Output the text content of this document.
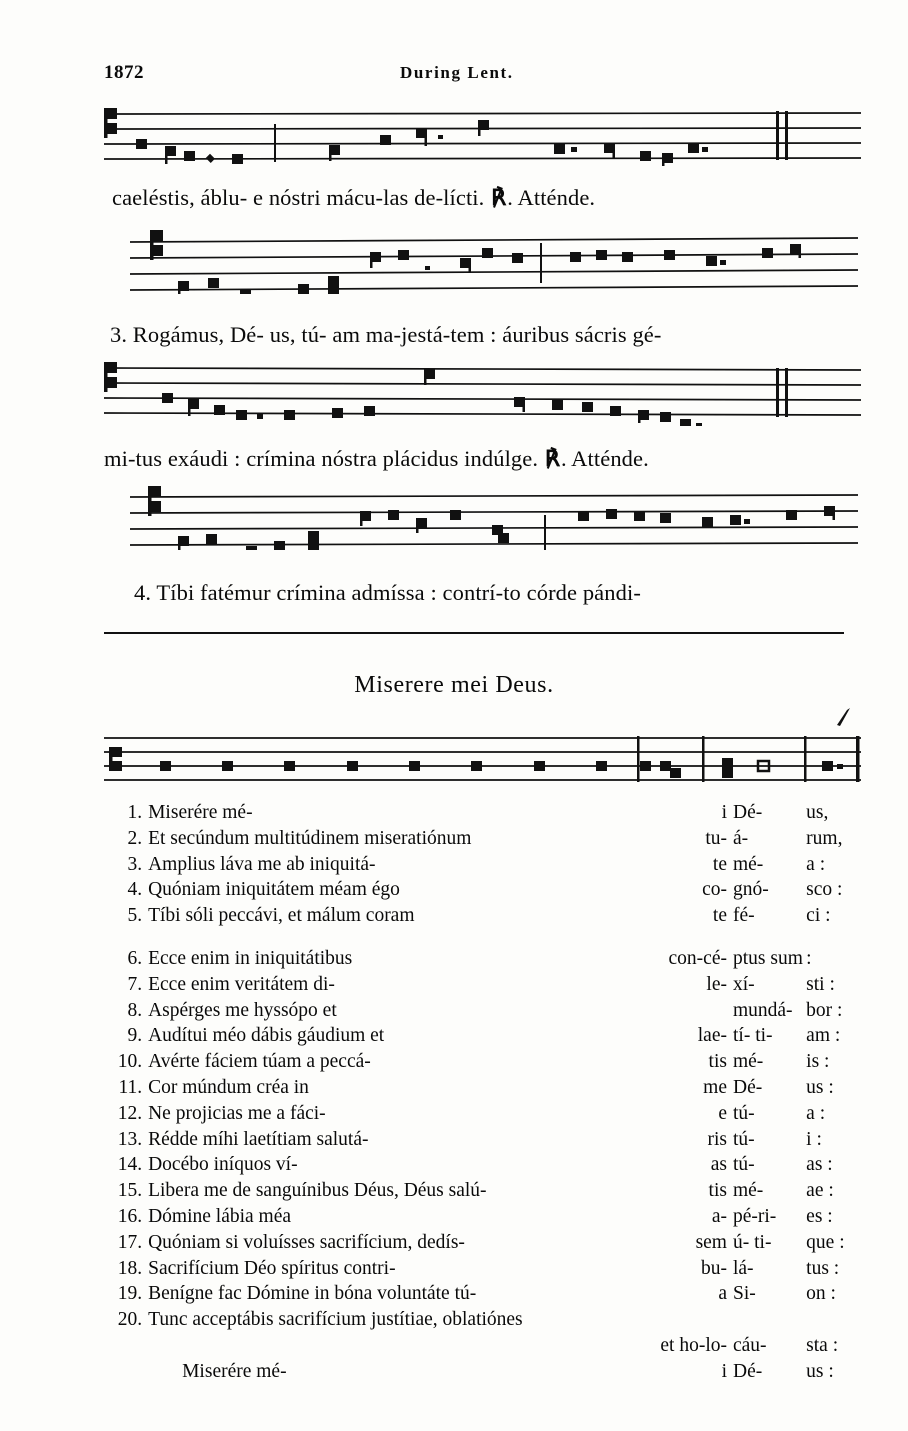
1872	During Lent.
caeléstis, áblu- e nóstri mácu-las de-lícti. ℟. Atténde.
3. Rogámus, Dé- us, tú- am ma-jestá-tem : áuribus sácris gé-
mi-tus exáudi : crímina nóstra plácidus indúlge. ℟. Atténde.
4. Tíbi fatémur crímina admíssa : contrí-to córde pándi-
Miserere mei Deus.
1.	Miserére mé-	i	Dé-	us,
2.	Et secúndum multitúdinem miseratiónum	tu-	á-	rum,
3.	Amplius láva me ab iniquitá-	te	mé-	a :
4.	Quóniam iniquitátem méam égo	co-	gnó-	sco :
5.	Tíbi sóli peccávi, et málum coram	te	fé-	ci :

6.	Ecce enim in iniquitátibus	con-cé-	ptus sum	:
7.	Ecce enim veritátem di-	le-	xí-	sti :
8.	Aspérges me hyssópo et		mundá-	bor :
9.	Audítui méo dábis gáudium et	lae-	tí- ti-	am :
10.	Avérte fáciem túam a peccá-	tis	mé-	is :
11.	Cor múndum créa in	me	Dé-	us :
12.	Ne projicias me a fáci-	e	tú-	a :
13.	Rédde míhi laetítiam salutá-	ris	tú-	i :
14.	Docébo iníquos ví-	as	tú-	as :
15.	Libera me de sanguínibus Déus, Déus salú-	tis	mé-	ae :
16.	Dómine lábia méa	a-	pé-ri-	es :
17.	Quóniam si voluísses sacrifícium, dedís-	sem	ú- ti-	que :
18.	Sacrifícium Déo spíritus contri-	bu-	lá-	tus :
19.	Benígne fac Dómine in bóna voluntáte tú-	a	Si-	on :
20.	Tunc acceptábis sacrifícium justítiae, oblatiónes			
		et ho-lo-	cáu-	sta :
	Miserére mé-	i	Dé-	us :
